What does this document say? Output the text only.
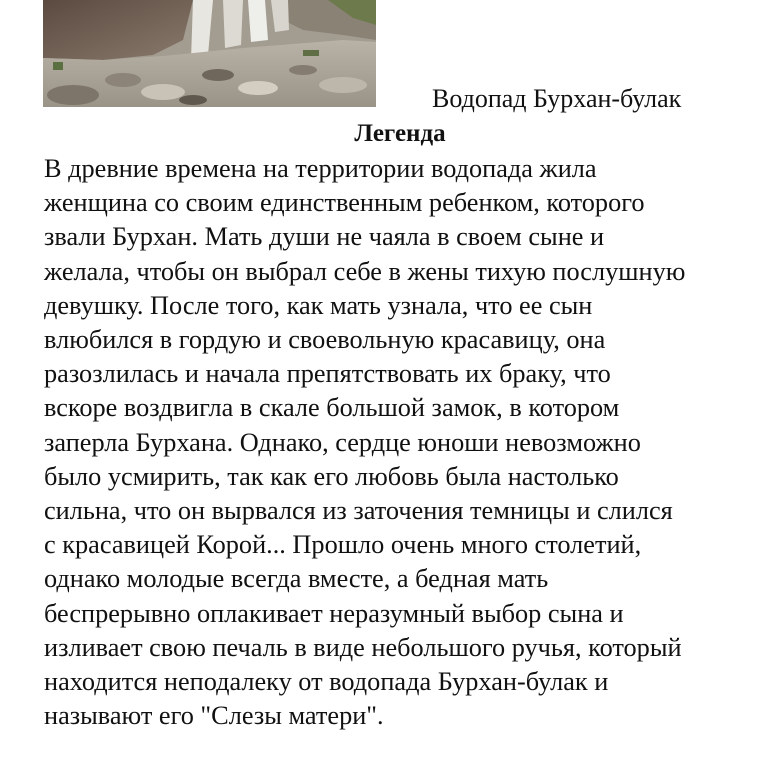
Водопад Бурхан-булак
Легенда
В древние времена на территории водопада жила
женщина со своим единственным ребенком, которого
звали Бурхан. Мать души не чаяла в своем сыне и
желала, чтобы он выбрал себе в жены тихую послушную
девушку. После того, как мать узнала, что ее сын
влюбился в гордую и своевольную красавицу, она
разозлилась и начала препятствовать их браку, что
вскоре воздвигла в скале большой замок, в котором
заперла Бурхана. Однако, сердце юноши невозможно
было усмирить, так как его любовь была настолько
сильна, что он вырвался из заточения темницы и слился
с красавицей Корой... Прошло очень много столетий,
однако молодые всегда вместе, а бедная мать
беспрерывно оплакивает неразумный выбор сына и
изливает свою печаль в виде небольшого ручья, который
находится неподалеку от водопада Бурхан-булак и
называют его "Слезы матери".
